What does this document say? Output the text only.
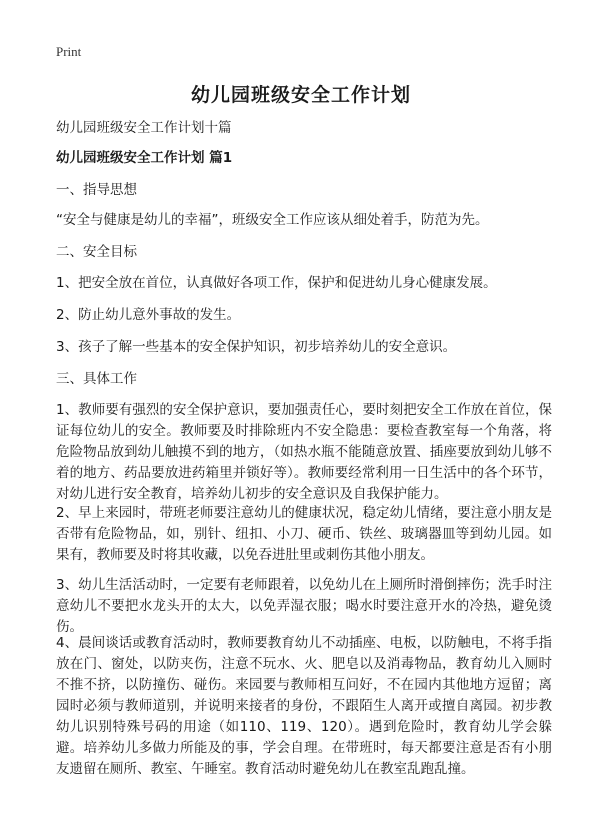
Print
幼儿园班级安全工作计划
幼儿园班级安全工作计划十篇
幼儿园班级安全工作计划 篇1
一、指导思想
“安全与健康是幼儿的幸福”，班级安全工作应该从细处着手，防范为先。
二、安全目标
1、把安全放在首位，认真做好各项工作，保护和促进幼儿身心健康发展。
2、防止幼儿意外事故的发生。
3、孩子了解一些基本的安全保护知识，初步培养幼儿的安全意识。
三、具体工作
1、教师要有强烈的安全保护意识，要加强责任心，要时刻把安全工作放在首位，保证每位幼儿的安全。教师要及时排除班内不安全隐患：要检查教室每一个角落，将危险物品放到幼儿触摸不到的地方，（如热水瓶不能随意放置、插座要放到幼儿够不着的地方、药品要放进药箱里并锁好等）。教师要经常利用一日生活中的各个环节，对幼儿进行安全教育，培养幼儿初步的安全意识及自我保护能力。
2、早上来园时，带班老师要注意幼儿的健康状况，稳定幼儿情绪，要注意小朋友是否带有危险物品，如，别针、纽扣、小刀、硬币、铁丝、玻璃器皿等到幼儿园。如果有，教师要及时将其收藏，以免吞进肚里或刺伤其他小朋友。
3、幼儿生活活动时，一定要有老师跟着，以免幼儿在上厕所时滑倒摔伤；洗手时注意幼儿不要把水龙头开的太大，以免弄湿衣服；喝水时要注意开水的冷热，避免烫伤。
4、晨间谈话或教育活动时，教师要教育幼儿不动插座、电板，以防触电，不将手指放在门、窗处，以防夹伤，注意不玩水、火、肥皂以及消毒物品，教育幼儿入厕时不推不挤，以防撞伤、碰伤。来园要与教师相互问好，不在园内其他地方逗留；离园时必须与教师道别，并说明来接者的身份，不跟陌生人离开或擅自离园。初步教幼儿识别特殊号码的用途（如110、119、120）。遇到危险时，教育幼儿学会躲避。培养幼儿多做力所能及的事，学会自理。在带班时，每天都要注意是否有小朋友遗留在厕所、教室、午睡室。教育活动时避免幼儿在教室乱跑乱撞。
